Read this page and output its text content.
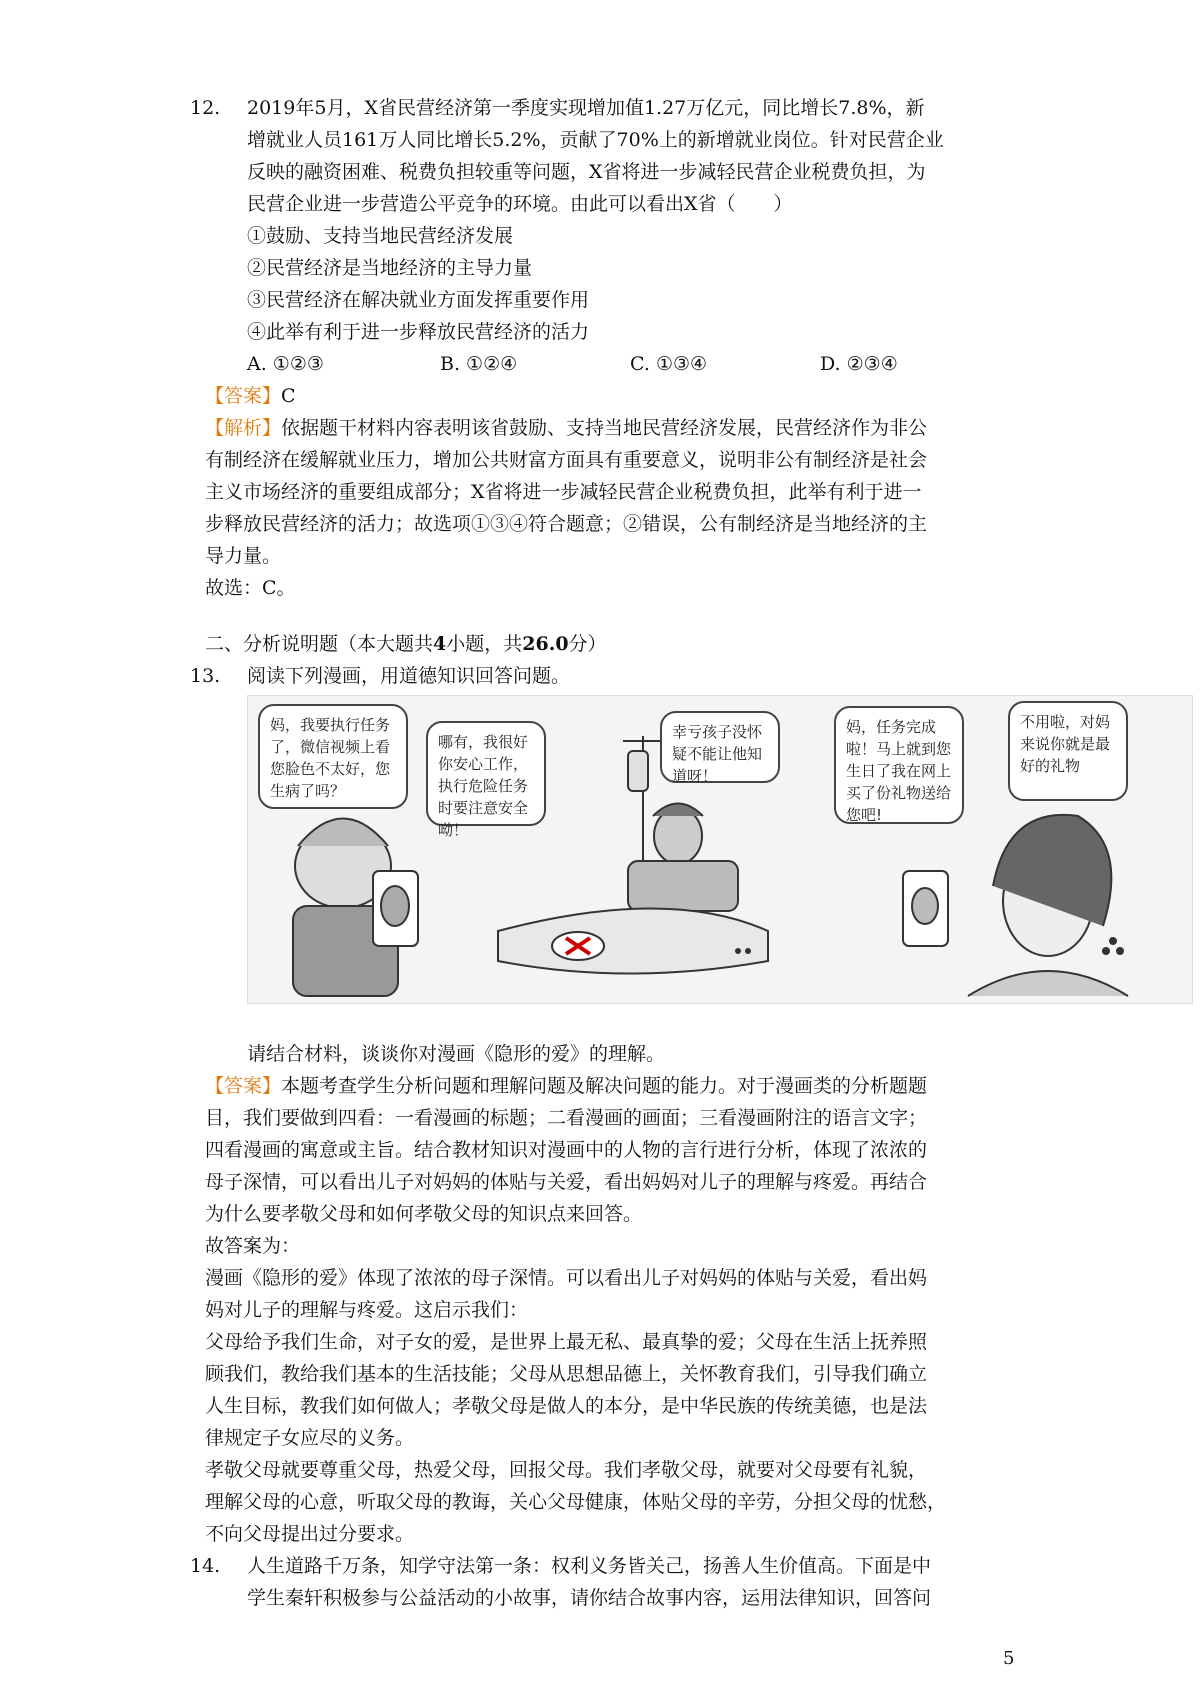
12. 2019年5月，X省民营经济第一季度实现增加值1.27万亿元，同比增长7.8%，新
增就业人员161万人同比增长5.2%，贡献了70%上的新增就业岗位。针对民营企业
反映的融资困难、税费负担较重等问题，X省将进一步减轻民营企业税费负担，为
民营企业进一步营造公平竞争的环境。由此可以看出X省（　　）
①鼓励、支持当地民营经济发展
②民营经济是当地经济的主导力量
③民营经济在解决就业方面发挥重要作用
④此举有利于进一步释放民营经济的活力
A. ①②③	B. ①②④	C. ①③④	D. ②③④
【答案】C
【解析】依据题干材料内容表明该省鼓励、支持当地民营经济发展，民营经济作为非公
有制经济在缓解就业压力，增加公共财富方面具有重要意义，说明非公有制经济是社会
主义市场经济的重要组成部分；X省将进一步减轻民营企业税费负担，此举有利于进一
步释放民营经济的活力；故选项①③④符合题意；②错误，公有制经济是当地经济的主
导力量。
故选：C。
二、分析说明题（本大题共4小题，共26.0分）
13. 阅读下列漫画，用道德知识回答问题。
妈，我要执行任务了，微信视频上看您脸色不太好，您生病了吗？
哪有，我很好你安心工作，执行危险任务时要注意安全呦！
幸亏孩子没怀疑不能让他知道呀！
妈，任务完成啦！马上就到您生日了我在网上买了份礼物送给您吧!
不用啦，对妈来说你就是最好的礼物
请结合材料，谈谈你对漫画《隐形的爱》的理解。
【答案】本题考查学生分析问题和理解问题及解决问题的能力。对于漫画类的分析题题
目，我们要做到四看：一看漫画的标题；二看漫画的画面；三看漫画附注的语言文字；
四看漫画的寓意或主旨。结合教材知识对漫画中的人物的言行进行分析，体现了浓浓的
母子深情，可以看出儿子对妈妈的体贴与关爱，看出妈妈对儿子的理解与疼爱。再结合
为什么要孝敬父母和如何孝敬父母的知识点来回答。
故答案为：
漫画《隐形的爱》体现了浓浓的母子深情。可以看出儿子对妈妈的体贴与关爱，看出妈
妈对儿子的理解与疼爱。这启示我们：
父母给予我们生命，对子女的爱，是世界上最无私、最真挚的爱；父母在生活上抚养照
顾我们，教给我们基本的生活技能；父母从思想品德上，关怀教育我们，引导我们确立
人生目标，教我们如何做人；孝敬父母是做人的本分，是中华民族的传统美德，也是法
律规定子女应尽的义务。
孝敬父母就要尊重父母，热爱父母，回报父母。我们孝敬父母，就要对父母要有礼貌，
理解父母的心意，听取父母的教诲，关心父母健康，体贴父母的辛劳，分担父母的忧愁，
不向父母提出过分要求。
14. 人生道路千万条，知学守法第一条：权利义务皆关己，扬善人生价值高。下面是中
学生秦轩积极参与公益活动的小故事，请你结合故事内容，运用法律知识，回答问
5
